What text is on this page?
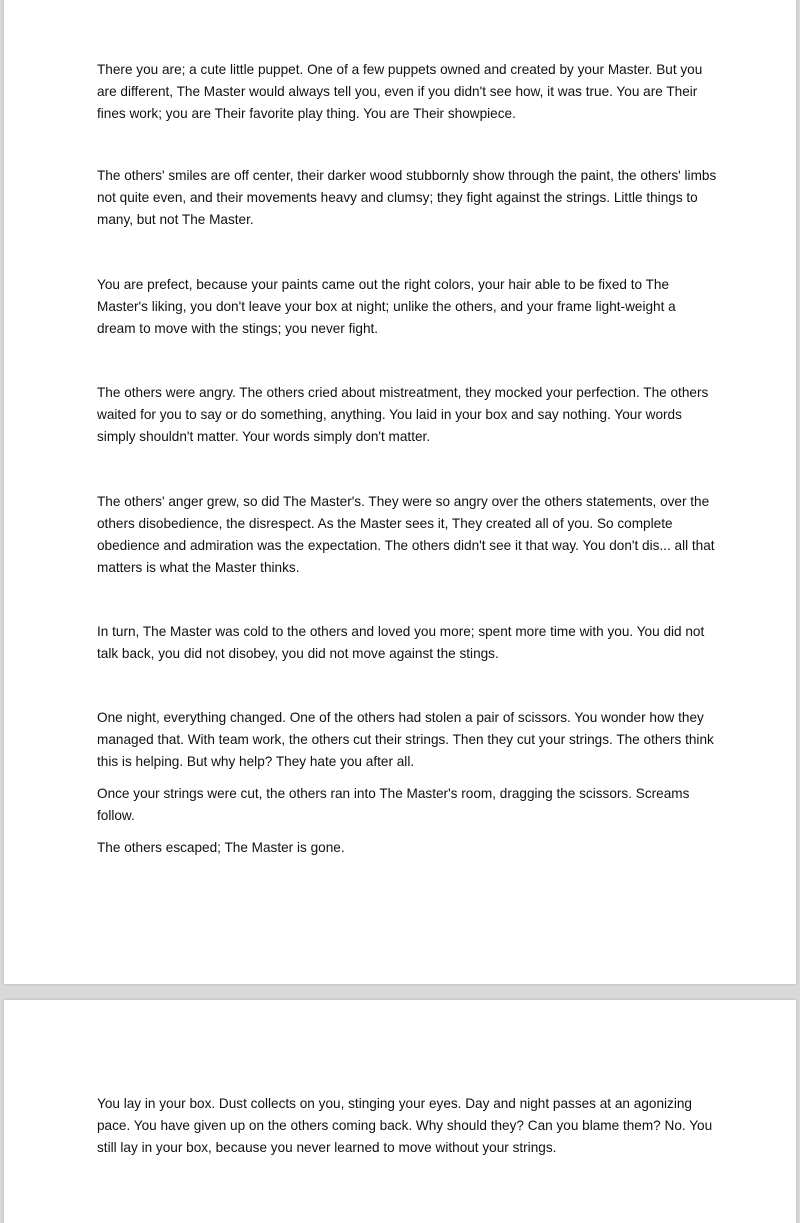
There you are; a cute little puppet. One of a few puppets owned and created by your Master. But you are different, The Master would always tell you, even if you didn't see how, it was true. You are Their fines work; you are Their favorite play thing. You are Their showpiece.

The others' smiles are off center, their darker wood stubbornly show through the paint, the others' limbs not quite even, and their movements heavy and clumsy; they fight against the strings. Little things to many, but not The Master.

You are prefect, because your paints came out the right colors, your hair able to be fixed to The Master's liking, you don't leave your box at night; unlike the others, and your frame light-weight a dream to move with the stings; you never fight.

The others were angry. The others cried about mistreatment, they mocked your perfection. The others waited for you to say or do something, anything. You laid in your box and say nothing. Your words simply shouldn't matter. Your words simply don't matter.

The others' anger grew, so did The Master's. They were so angry over the others statements, over the others disobedience, the disrespect. As the Master sees it, They created all of you. So complete obedience and admiration was the expectation. The others didn't see it that way. You don't dis... all that matters is what the Master thinks.

In turn, The Master was cold to the others and loved you more; spent more time with you. You did not talk back, you did not disobey, you did not move against the stings.

One night, everything changed. One of the others had stolen a pair of scissors. You wonder how they managed that. With team work, the others cut their strings. Then they cut your strings. The others think this is helping. But why help? They hate you after all.

Once your strings were cut, the others ran into The Master's room, dragging the scissors. Screams follow.

The others escaped; The Master is gone.

You lay in your box. Dust collects on you, stinging your eyes. Day and night passes at an agonizing pace. You have given up on the others coming back. Why should they? Can you blame them? No. You still lay in your box, because you never learned to move without your strings.
